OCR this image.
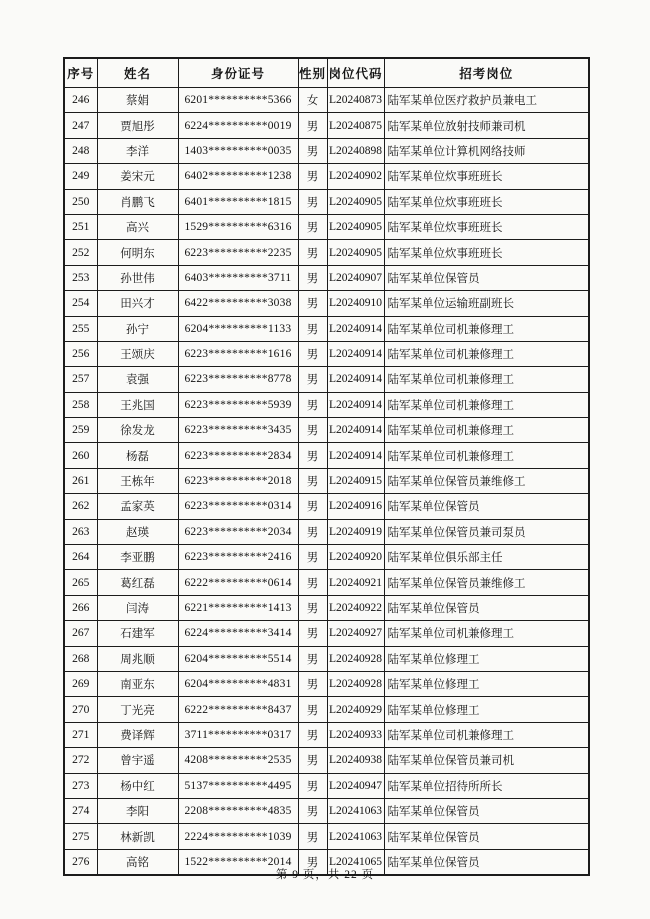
序号	姓名	身份证号	性别	岗位代码	招考岗位
246	蔡娟	6201**********5366	女	L20240873	陆军某单位医疗救护员兼电工
247	贾旭彤	6224**********0019	男	L20240875	陆军某单位放射技师兼司机
248	李洋	1403**********0035	男	L20240898	陆军某单位计算机网络技师
249	姜宋元	6402**********1238	男	L20240902	陆军某单位炊事班班长
250	肖鹏飞	6401**********1815	男	L20240905	陆军某单位炊事班班长
251	高兴	1529**********6316	男	L20240905	陆军某单位炊事班班长
252	何明东	6223**********2235	男	L20240905	陆军某单位炊事班班长
253	孙世伟	6403**********3711	男	L20240907	陆军某单位保管员
254	田兴才	6422**********3038	男	L20240910	陆军某单位运输班副班长
255	孙宁	6204**********1133	男	L20240914	陆军某单位司机兼修理工
256	王颂庆	6223**********1616	男	L20240914	陆军某单位司机兼修理工
257	袁强	6223**********8778	男	L20240914	陆军某单位司机兼修理工
258	王兆国	6223**********5939	男	L20240914	陆军某单位司机兼修理工
259	徐发龙	6223**********3435	男	L20240914	陆军某单位司机兼修理工
260	杨磊	6223**********2834	男	L20240914	陆军某单位司机兼修理工
261	王栋年	6223**********2018	男	L20240915	陆军某单位保管员兼维修工
262	孟家英	6223**********0314	男	L20240916	陆军某单位保管员
263	赵瑛	6223**********2034	男	L20240919	陆军某单位保管员兼司泵员
264	李亚鹏	6223**********2416	男	L20240920	陆军某单位俱乐部主任
265	葛红磊	6222**********0614	男	L20240921	陆军某单位保管员兼维修工
266	闫涛	6221**********1413	男	L20240922	陆军某单位保管员
267	石建军	6224**********3414	男	L20240927	陆军某单位司机兼修理工
268	周兆顺	6204**********5514	男	L20240928	陆军某单位修理工
269	南亚东	6204**********4831	男	L20240928	陆军某单位修理工
270	丁光亮	6222**********8437	男	L20240929	陆军某单位修理工
271	费译辉	3711**********0317	男	L20240933	陆军某单位司机兼修理工
272	曾宇遥	4208**********2535	男	L20240938	陆军某单位保管员兼司机
273	杨中红	5137**********4495	男	L20240947	陆军某单位招待所所长
274	李阳	2208**********4835	男	L20241063	陆军某单位保管员
275	林新凯	2224**********1039	男	L20241063	陆军某单位保管员
276	高铭	1522**********2014	男	L20241065	陆军某单位保管员
第 9 页，共 22 页
